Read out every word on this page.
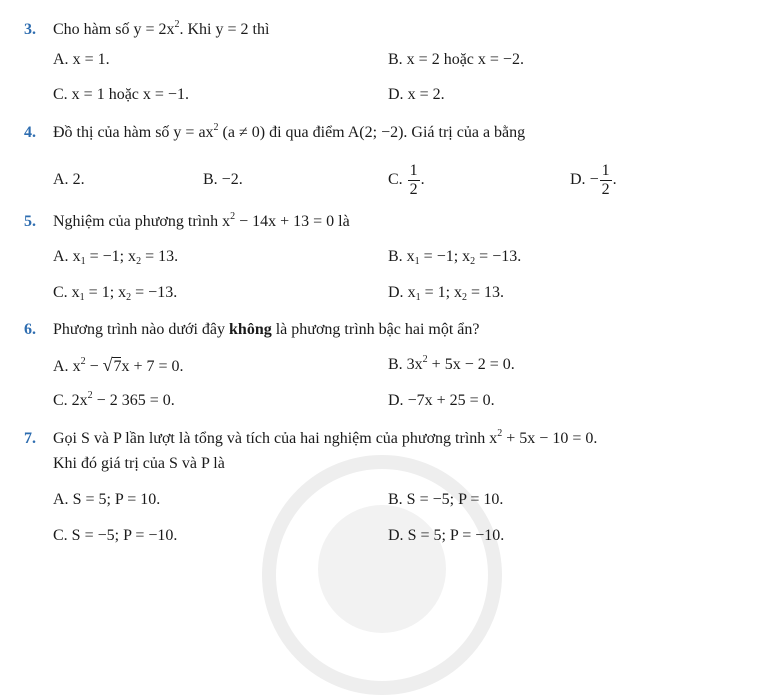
3. Cho hàm số $y = 2x^2$. Khi y = 2 thì
A. x = 1.	B. x = 2 hoặc x = −2.
C. x = 1 hoặc x = −1.	D. x = 2.
4. Đồ thị của hàm số $y = ax^2$ (a ≠ 0) đi qua điểm A(2; −2). Giá trị của a bằng
A. 2.	B. −2.	C. $\frac{1}{2}$ .	D. − $\frac{1}{2}$ .
5. Nghiệm của phương trình $x^2 - 14x + 13 = 0$ là
A. $x_1 = -1$; $x_2 = 13$.	B. $x_1 = -1$; $x_2 = -13$.
C. $x_1 = 1$; $x_2 = -13$.	D. $x_1 = 1$; $x_2 = 13$.
6. Phương trình nào dưới đây không là phương trình bậc hai một ẩn?
A. $x^2 - √7x + 7 = 0$.	B. $3x^2 + 5x - 2 = 0$.
C. $2x^2 - 2$ 365 = 0.	D. −7x + 25 = 0.
7. Gọi S và P lần lượt là tổng và tích của hai nghiệm của phương trình $x^2 + 5x - 10 = 0$.
Khi đó giá trị của S và P là
A. S = 5; P = 10.	B. S = −5; P = 10.
C. S = −5; P = −10.	D. S = 5; P = −10.
